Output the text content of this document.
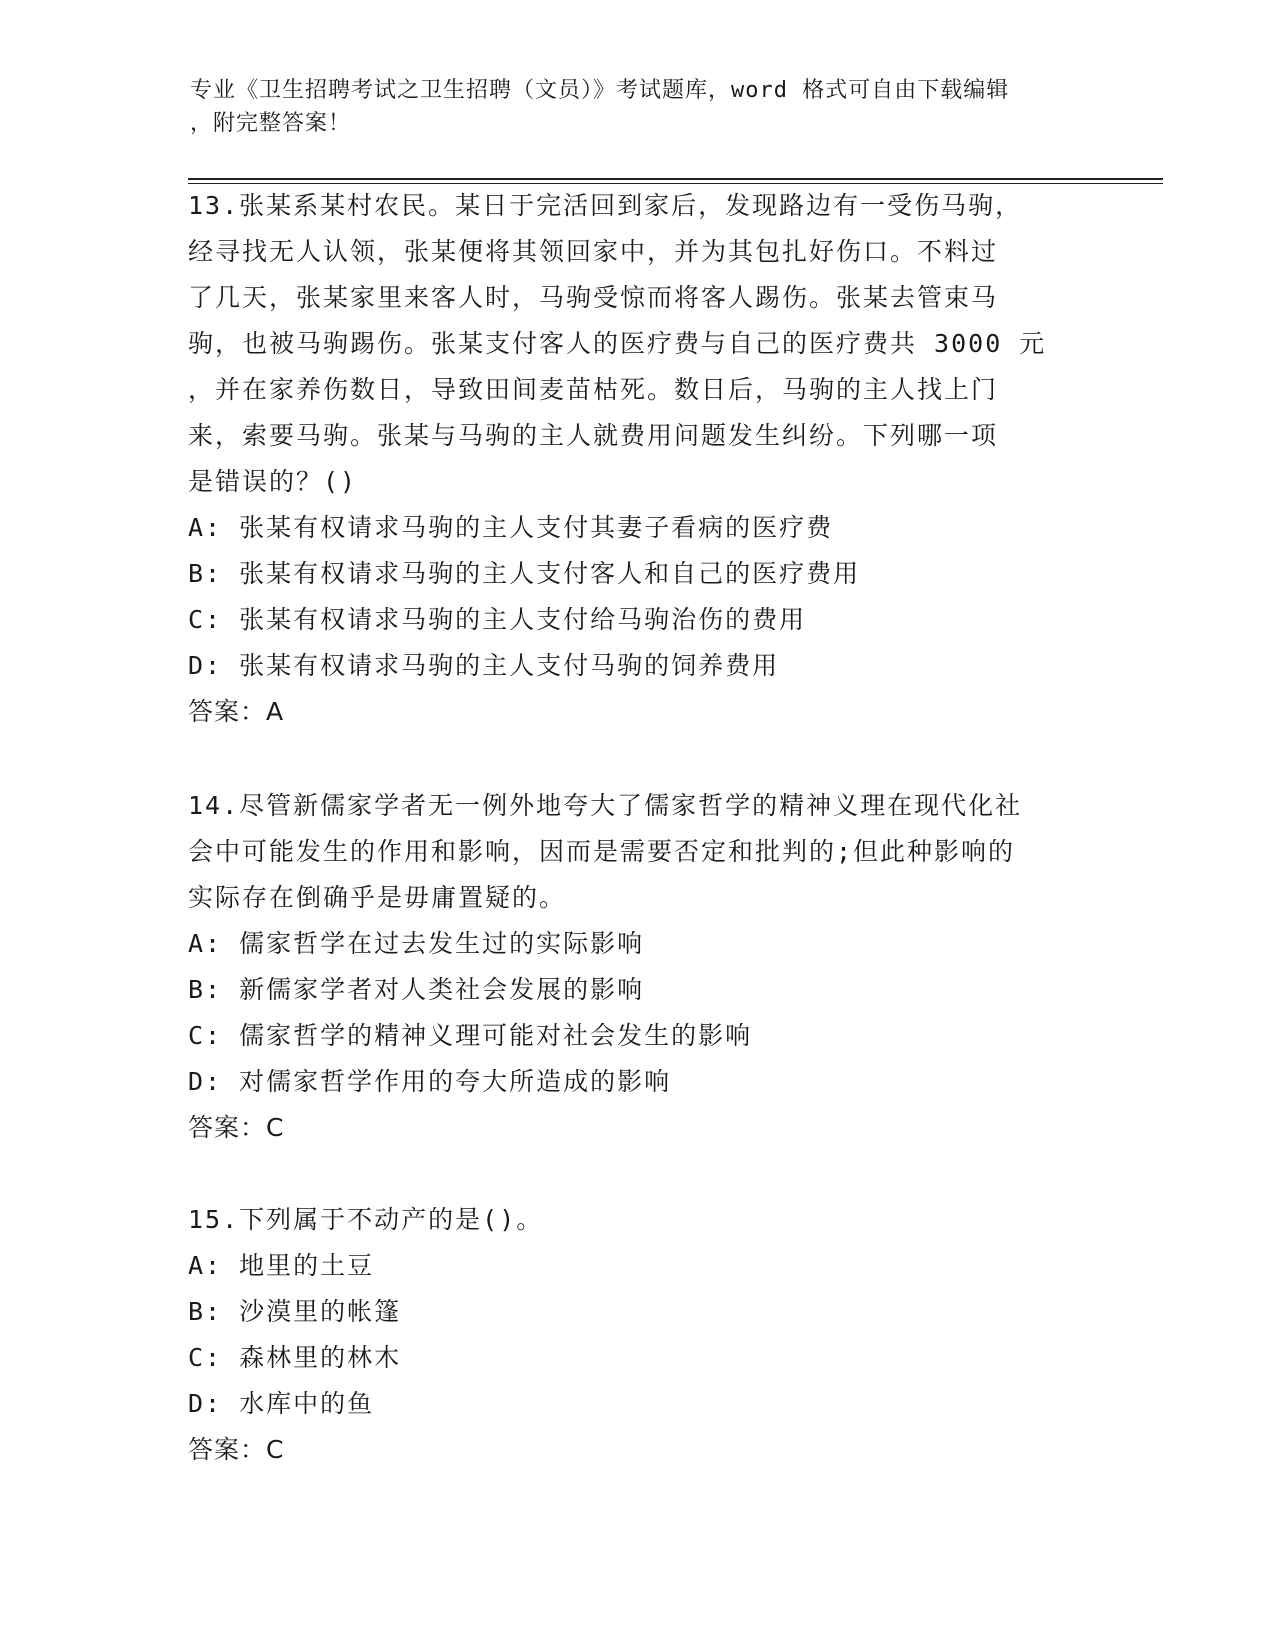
专业《卫生招聘考试之卫生招聘（文员）》考试题库，word 格式可自由下载编辑
，附完整答案！
13.张某系某村农民。某日于完活回到家后，发现路边有一受伤马驹，
经寻找无人认领，张某便将其领回家中，并为其包扎好伤口。不料过
了几天，张某家里来客人时，马驹受惊而将客人踢伤。张某去管束马
驹，也被马驹踢伤。张某支付客人的医疗费与自己的医疗费共 3000 元
，并在家养伤数日，导致田间麦苗枯死。数日后，马驹的主人找上门
来，索要马驹。张某与马驹的主人就费用问题发生纠纷。下列哪一项
是错误的？()
A: 张某有权请求马驹的主人支付其妻子看病的医疗费
B: 张某有权请求马驹的主人支付客人和自己的医疗费用
C: 张某有权请求马驹的主人支付给马驹治伤的费用
D: 张某有权请求马驹的主人支付马驹的饲养费用
答案：A
14.尽管新儒家学者无一例外地夸大了儒家哲学的精神义理在现代化社
会中可能发生的作用和影响，因而是需要否定和批判的;但此种影响的
实际存在倒确乎是毋庸置疑的。
A: 儒家哲学在过去发生过的实际影响
B: 新儒家学者对人类社会发展的影响
C: 儒家哲学的精神义理可能对社会发生的影响
D: 对儒家哲学作用的夸大所造成的影响
答案：C
15.下列属于不动产的是()。
A: 地里的土豆
B: 沙漠里的帐篷
C: 森林里的林木
D: 水库中的鱼
答案：C
